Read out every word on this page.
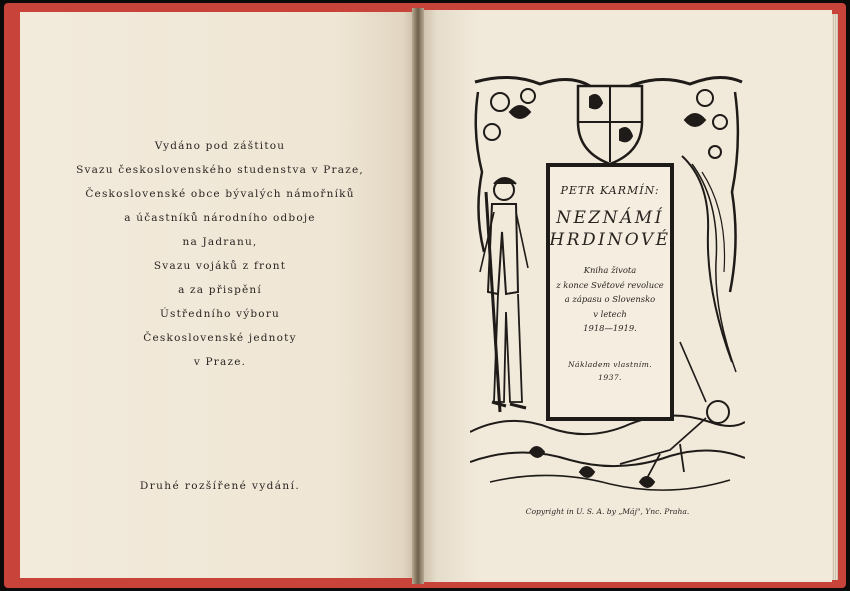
Vydáno pod záštitou
Svazu československého studenstva v Praze,
Československé obce bývalých námořníků
a účastníků národního odboje
na Jadranu,
Svazu vojáků z front
a za přispění
Ústředního výboru
Československé jednoty
v Praze.
Druhé rozšířené vydání.
PETR KARMÍN:
NEZNÁMÍ
HRDINOVÉ
Kniha života
z konce Světové revoluce
a zápasu o Slovensko
v letech
1918—1919.
Nákladem vlastním.
1937.
Copyright in U. S. A. by „Máj", Ync. Praha.
